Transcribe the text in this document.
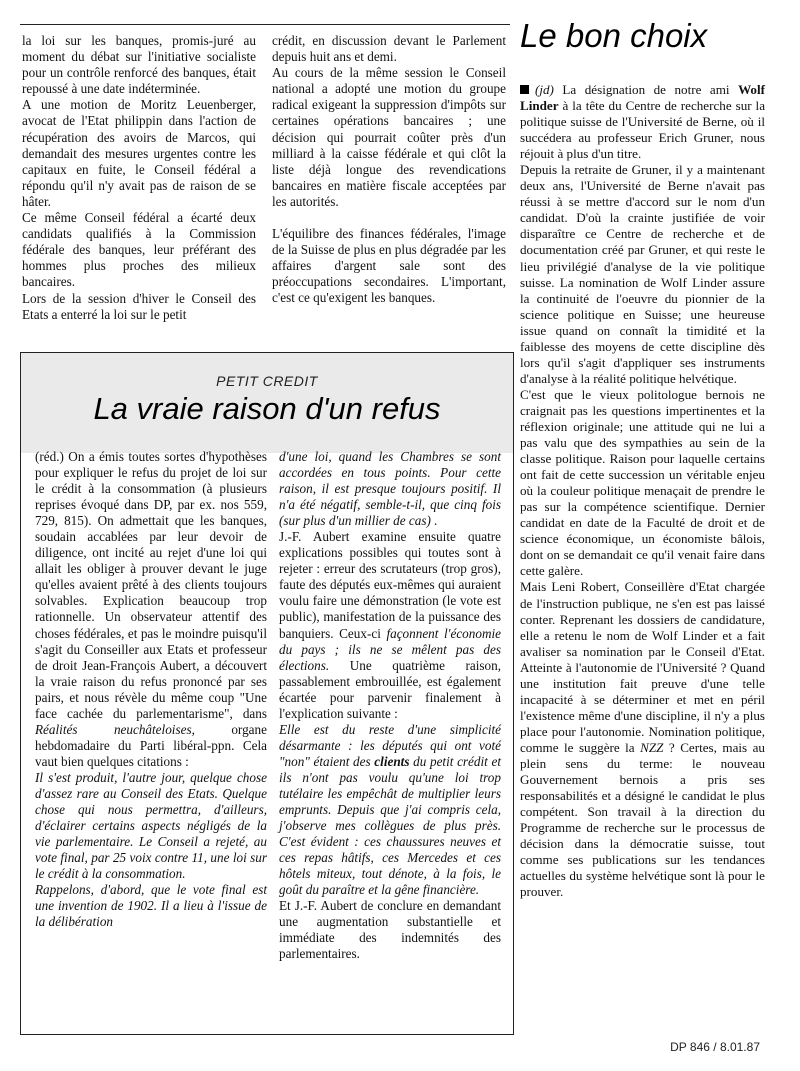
la loi sur les banques, promis-juré au moment du débat sur l'initiative socialiste pour un contrôle renforcé des banques, était repoussé à une date indéterminée.

A une motion de Moritz Leuenberger, avocat de l'Etat philippin dans l'action de récupération des avoirs de Marcos, qui demandait des mesures urgentes contre les capitaux en fuite, le Conseil fédéral a répondu qu'il n'y avait pas de raison de se hâter.

Ce même Conseil fédéral a écarté deux candidats qualifiés à la Commission fédérale des banques, leur préférant des hommes plus proches des milieux bancaires.

Lors de la session d'hiver le Conseil des Etats a enterré la loi sur le petit

crédit, en discussion devant le Parlement depuis huit ans et demi.

Au cours de la même session le Conseil national a adopté une motion du groupe radical exigeant la suppression d'impôts sur certaines opérations bancaires ; une décision qui pourrait coûter près d'un milliard à la caisse fédérale et qui clôt la liste déjà longue des revendications bancaires en matière fiscale acceptées par les autorités.

L'équilibre des finances fédérales, l'image de la Suisse de plus en plus dégradée par les affaires d'argent sale sont des préoccupations secondaires. L'important, c'est ce qu'exigent les banques.

Le bon choix

(jd) La désignation de notre ami Wolf Linder à la tête du Centre de recherche sur la politique suisse de l'Université de Berne, où il succédera au professeur Erich Gruner, nous réjouit à plus d'un titre.

Depuis la retraite de Gruner, il y a maintenant deux ans, l'Université de Berne n'avait pas réussi à se mettre d'accord sur le nom d'un candidat. D'où la crainte justifiée de voir disparaître ce Centre de recherche et de documentation créé par Gruner, et qui reste le lieu privilégié d'analyse de la vie politique suisse. La nomination de Wolf Linder assure la continuité de l'oeuvre du pionnier de la science politique en Suisse; une heureuse issue quand on connaît la timidité et la faiblesse des moyens de cette discipline dès lors qu'il s'agit d'appliquer ses instruments d'analyse à la réalité politique helvétique.

C'est que le vieux politologue bernois ne craignait pas les questions impertinentes et la réflexion originale; une attitude qui ne lui a pas valu que des sympathies au sein de la classe politique. Raison pour laquelle certains ont fait de cette succession un véritable enjeu où la couleur politique menaçait de prendre le pas sur la compétence scientifique. Dernier candidat en date de la Faculté de droit et de science économique, un économiste bâlois, dont on se demandait ce qu'il venait faire dans cette galère.

Mais Leni Robert, Conseillère d'Etat chargée de l'instruction publique, ne s'en est pas laissé conter. Reprenant les dossiers de candidature, elle a retenu le nom de Wolf Linder et a fait avaliser sa nomination par le Conseil d'Etat. Atteinte à l'autonomie de l'Université ? Quand une institution fait preuve d'une telle incapacité à se déterminer et met en péril l'existence même d'une discipline, il n'y a plus place pour l'autonomie. Nomination politique, comme le suggère la NZZ ? Certes, mais au plein sens du terme: le nouveau Gouvernement bernois a pris ses responsabilités et a désigné le candidat le plus compétent. Son travail à la direction du Programme de recherche sur le processus de décision dans la démocratie suisse, tout comme ses publications sur les tendances actuelles du système helvétique sont là pour le prouver.

PETIT CREDIT
La vraie raison d'un refus

(réd.) On a émis toutes sortes d'hypothèses pour expliquer le refus du projet de loi sur le crédit à la consommation (à plusieurs reprises évoqué dans DP, par ex. nos 559, 729, 815). On admettait que les banques, soudain accablées par leur devoir de diligence, ont incité au rejet d'une loi qui allait les obliger à prouver devant le juge qu'elles avaient prêté à des clients toujours solvables. Explication beaucoup trop rationnelle. Un observateur attentif des choses fédérales, et pas le moindre puisqu'il s'agit du Conseiller aux Etats et professeur de droit Jean-François Aubert, a découvert la vraie raison du refus prononcé par ses pairs, et nous révèle du même coup "Une face cachée du parlementarisme", dans Réalités neuchâteloises, organe hebdomadaire du Parti libéral-ppn. Cela vaut bien quelques citations :

Il s'est produit, l'autre jour, quelque chose d'assez rare au Conseil des Etats. Quelque chose qui nous permettra, d'ailleurs, d'éclairer certains aspects négligés de la vie parlementaire. Le Conseil a rejeté, au vote final, par 25 voix contre 11, une loi sur le crédit à la consommation.

Rappelons, d'abord, que le vote final est une invention de 1902. Il a lieu à l'issue de la délibération

d'une loi, quand les Chambres se sont accordées en tous points. Pour cette raison, il est presque toujours positif. Il n'a été négatif, semble-t-il, que cinq fois (sur plus d'un millier de cas) .

J.-F. Aubert examine ensuite quatre explications possibles qui toutes sont à rejeter : erreur des scrutateurs (trop gros), faute des députés eux-mêmes qui auraient voulu faire une démonstration (le vote est public), manifestation de la puissance des banquiers. Ceux-ci façonnent l'économie du pays ; ils ne se mêlent pas des élections. Une quatrième raison, passablement embrouillée, est également écartée pour parvenir finalement à l'explication suivante :

Elle est du reste d'une simplicité désarmante : les députés qui ont voté "non" étaient des clients du petit crédit et ils n'ont pas voulu qu'une loi trop tutélaire les empêchât de multiplier leurs emprunts. Depuis que j'ai compris cela, j'observe mes collègues de plus près. C'est évident : ces chaussures neuves et ces repas hâtifs, ces Mercedes et ces hôtels miteux, tout dénote, à la fois, le goût du paraître et la gêne financière.

Et J.-F. Aubert de conclure en demandant une augmentation substantielle et immédiate des indemnités des parlementaires.

DP 846 / 8.01.87
